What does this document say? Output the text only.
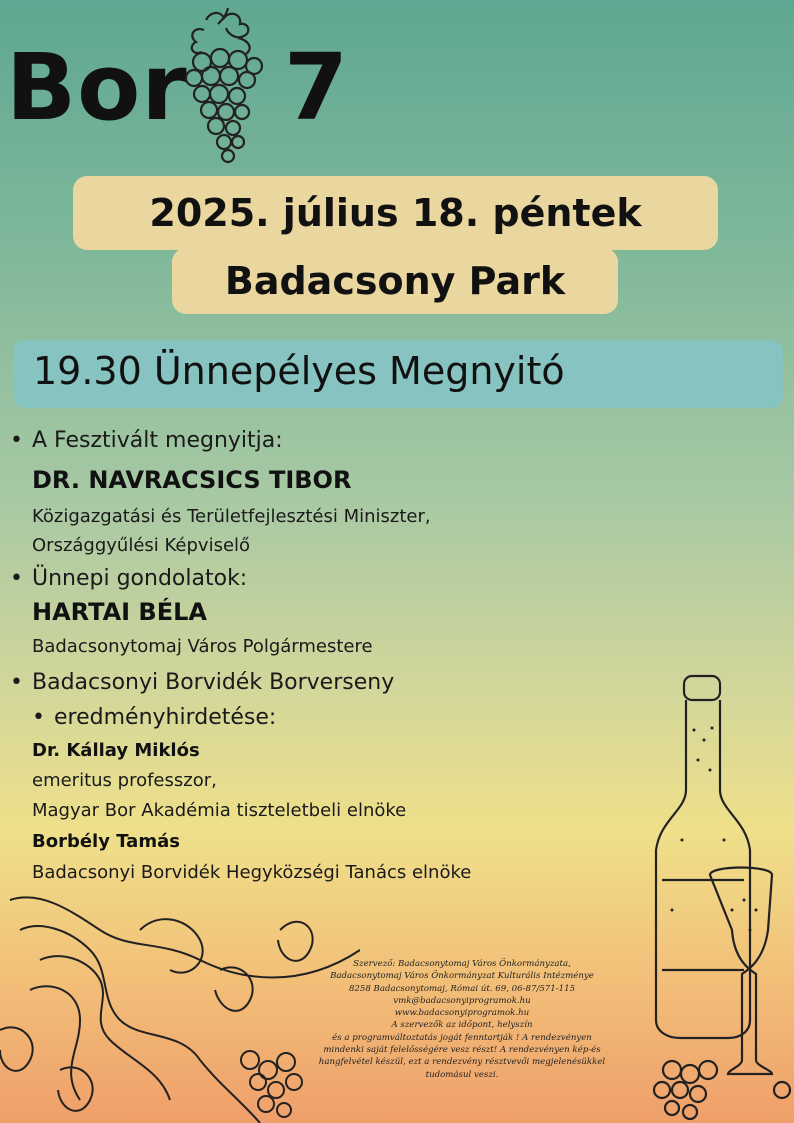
Bor 7
2025. július 18. péntek
Badacsony Park
19.30 Ünnepélyes Megnyitó
• A Fesztivált megnyitja:
DR. NAVRACSICS TIBOR
Közigazgatási és Területfejlesztési Miniszter,
Országgyűlési Képviselő
• Ünnepi gondolatok:
HARTAI BÉLA
Badacsonytomaj Város Polgármestere
• Badacsonyi Borvidék Borverseny
• eredményhirdetése:
Dr. Kállay Miklós
emeritus professzor,
Magyar Bor Akadémia tiszteletbeli elnöke
Borbély Tamás
Badacsonyi Borvidék Hegyközségi Tanács elnöke
Szervező: Badacsonytomaj Város Önkormányzata,
Badacsonytomaj Város Önkormányzat Kulturális Intézménye
8258 Badacsonytomaj, Római út. 69, 06-87/571-115
vmk@badacsonyiprogramok.hu
www.badacsonyiprogramok.hu
A szervezők az időpont, helyszín
és a programváltoztatás jogát fenntartják ! A rendezvényen
mindenki saját felelősségére vesz részt! A rendezvényen kép-és
hangfelvétel készül, ezt a rendezvény résztvevői megjelenésükkel
tudomásul veszi.
